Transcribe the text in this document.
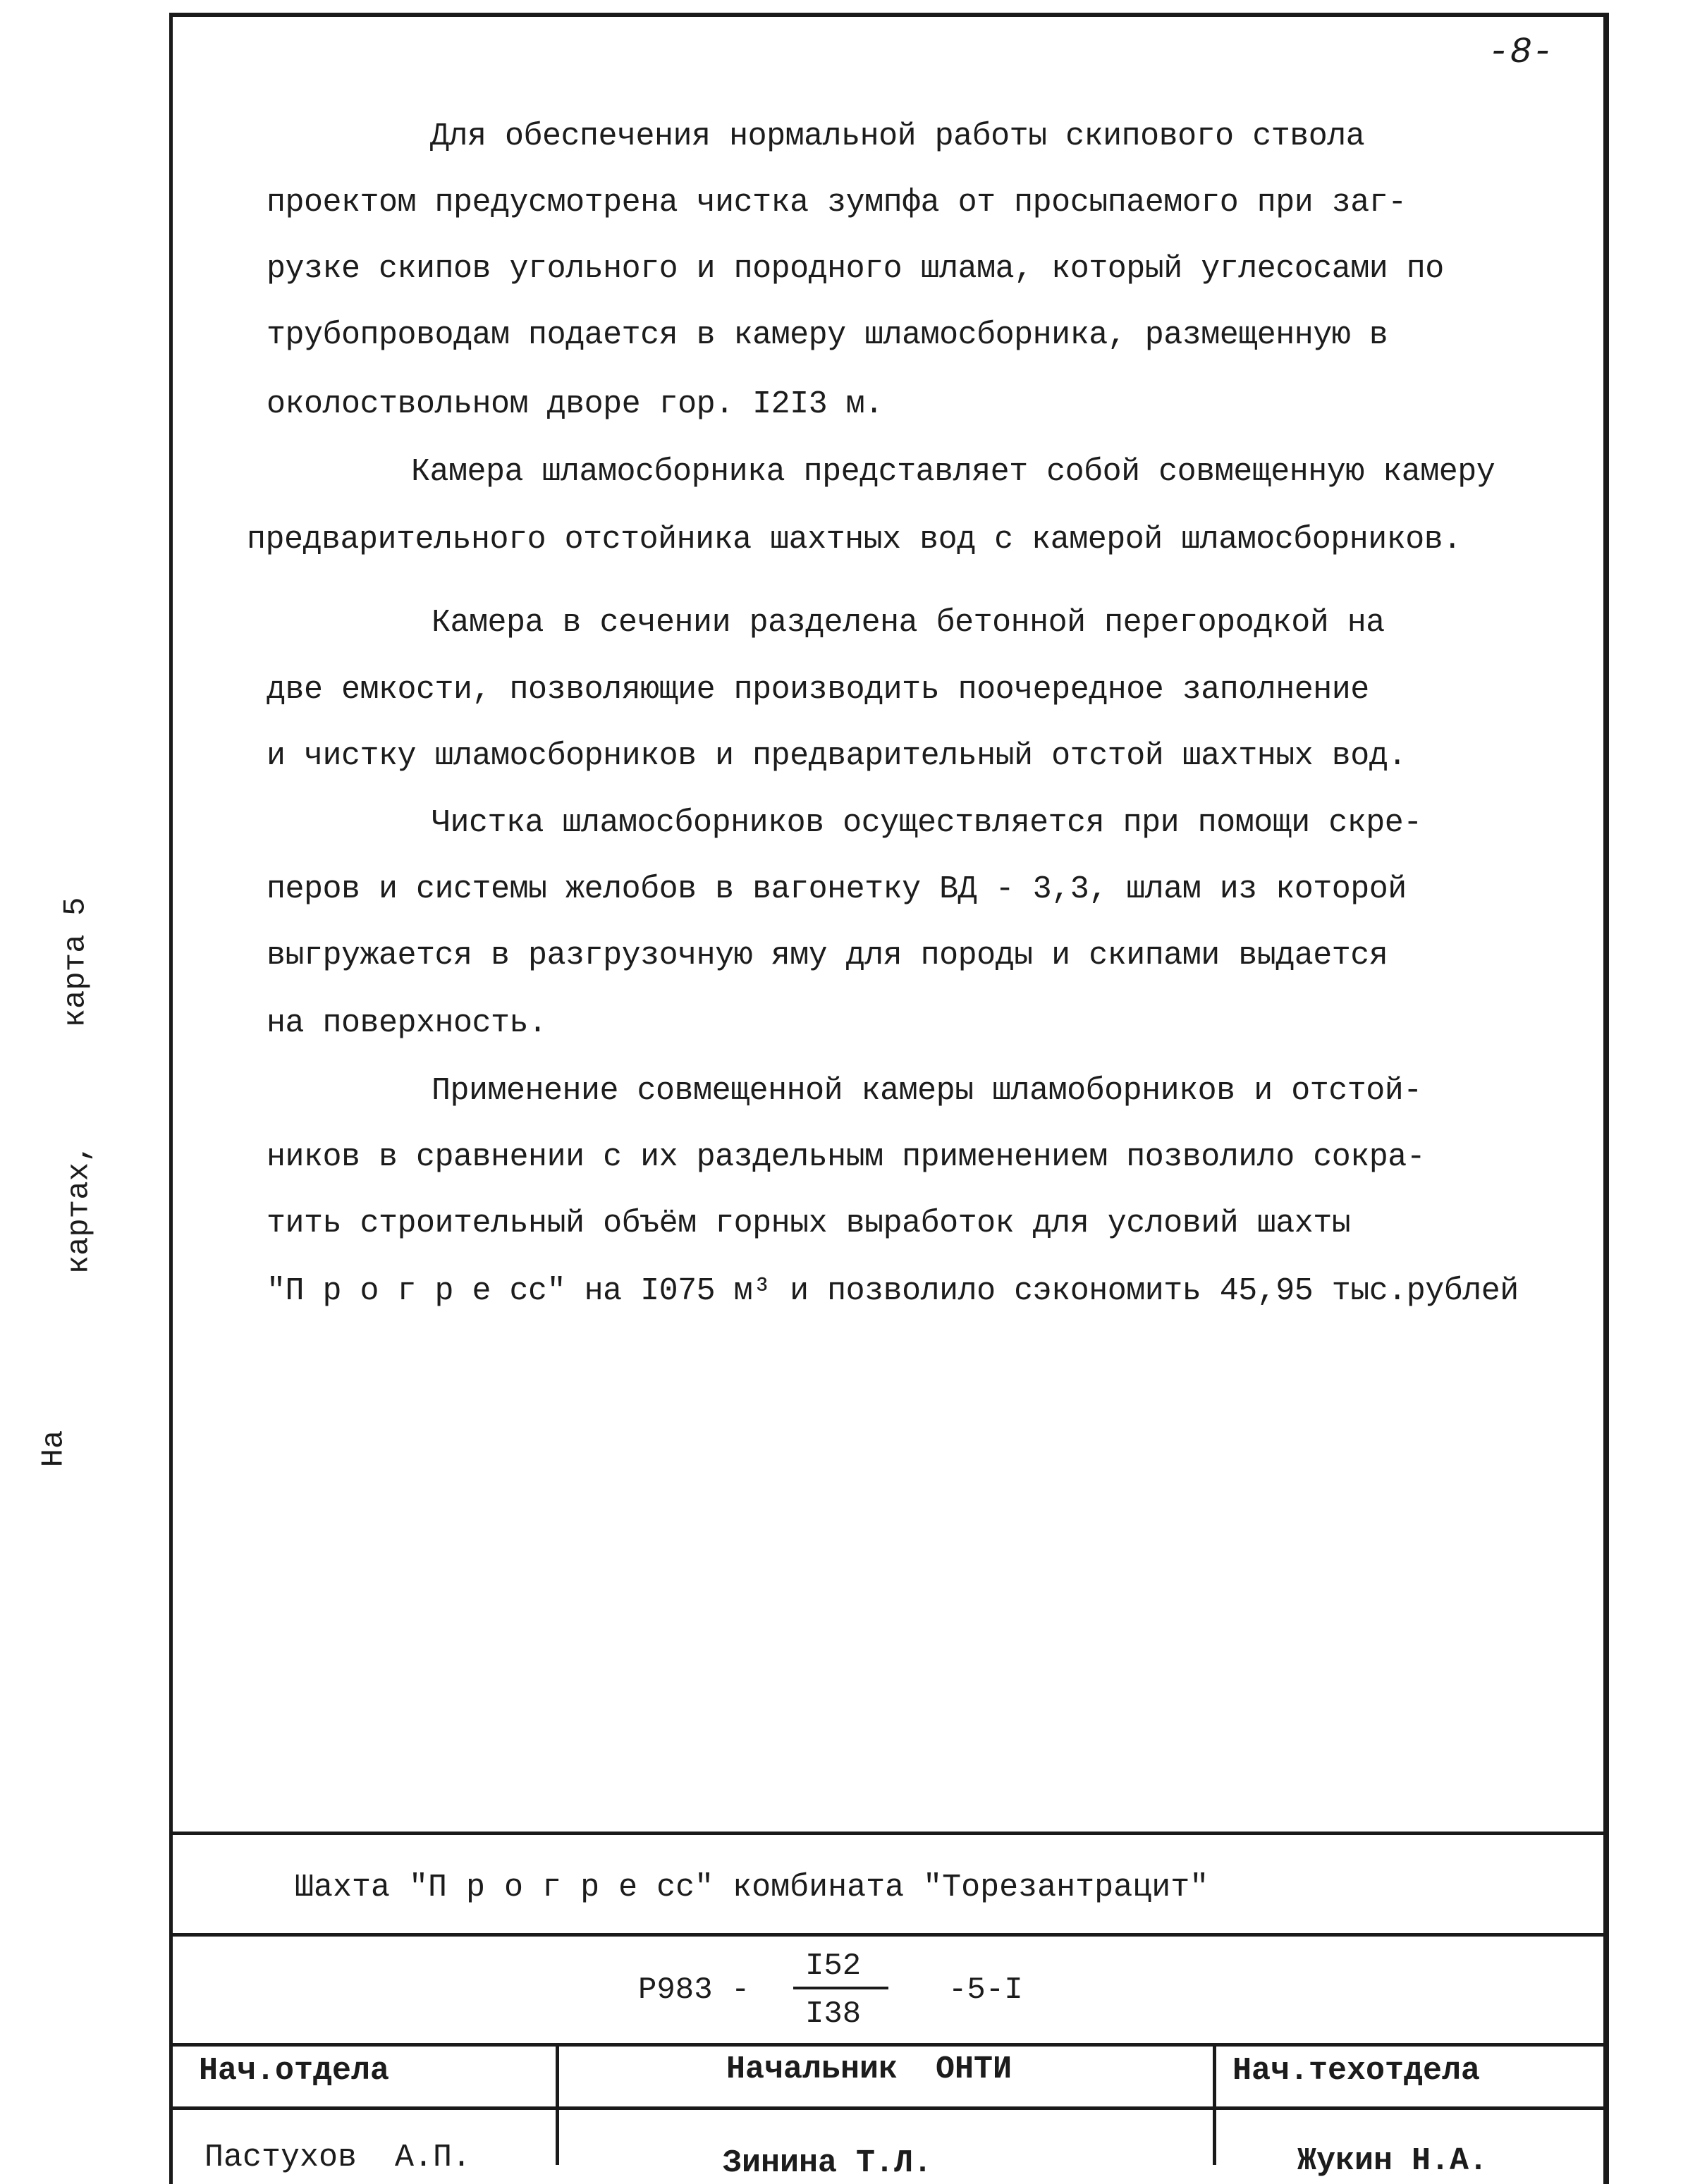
-8-
На
картах,
карта 5
Для обеспечения нормальной работы скипового ствола
проектом предусмотрена чистка зумпфа от просыпаемого при заг-
рузке скипов угольного и породного шлама, который углесосами по
трубопроводам подается в камеру шламосборника, размещенную в
околоствольном дворе гор. I2I3 м.
Камера шламосборника представляет собой совмещенную камеру
предварительного отстойника шахтных вод с камерой шламосборников.
Камера в сечении разделена бетонной перегородкой на
две емкости, позволяющие производить поочередное заполнение
и чистку шламосборников и предварительный отстой шахтных вод.
Чистка шламосборников осуществляется при помощи скре-
перов и системы желобов в вагонетку ВД - 3,3, шлам из которой
выгружается в разгрузочную яму для породы и скипами выдается
на поверхность.
Применение совмещенной камеры шламоборников и отстой-
ников в сравнении с их раздельным применением позволило сокра-
тить строительный объём горных выработок для условий шахты
"П р о г р е сс" на I075 м³ и позволило сэкономить 45,95 тыс.рублей
Шахта "П р о г р е сс" комбината "Торезантрацит"
Р983 -
I52
I38
-5-I
Нач.отдела	Начальник  ОНТИ	Нач.техотдела
Пастухов  А.П.	Зинина Т.Л.	Жукин Н.А.
